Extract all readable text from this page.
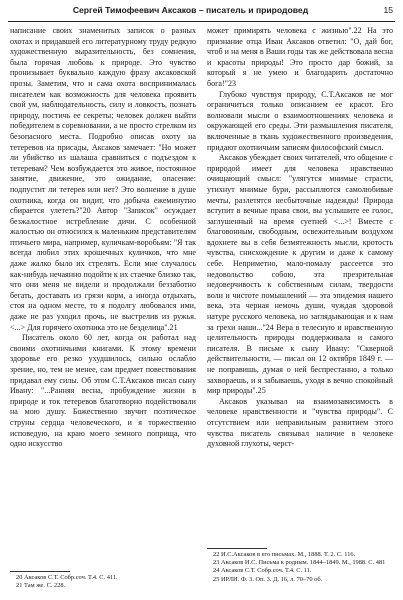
Сергей Тимофеевич Аксаков – писатель и природовед	15

написание своих знаменитых записок о разных охотах и придавшей его литературному труду редкую художественную выразительность, без сомнения, была горячая любовь к природе. Это чувство пронизывает буквально каждую фразу аксаковской прозы. Заметим, что и сама охота воспринималась писателем как возможность для человека проявить свой ум, наблюдательность, силу и ловкость, познать природу, постичь ее секреты; человек должен выйти победителем в соревновании, а не просто стрелком из безопасного места. Подробно описав охоту на тетеревов на присады, Аксаков замечает: "Но может ли убийство из шалаша сравниться с подъездом к тетеревам? Чем возбуждается это живое, постоянное занятие, движение, это ожидание, опасение: подпустит ли тетерев или нет? Это волнение в душе охотника, когда он видит, что добыча ежеминутно сбирается улететь?"20 Автор "Записок" осуждает безжалостное истребление дичи. С особенной жалостью он относился к маленьким представителям птичьего мира, например, куличкам-воробьям: "Я так всегда любил этих крошечных куличков, что мне даже жалко было их стрелять. Если мне случалось как-нибудь нечаянно подойти к их стаечке близко так, что они меня не видели и продолжали беззаботно бегать, доставать из грязи корм, а иногда отдыхать, стоя на одном месте, то я подолгу любовался ими, даже не раз уходил прочь, не выстрелив из ружья. <...> Для горячего охотника это не безделица".21

Писатель около 60 лет, когда он работал над своими охотничьими книгами. К этому времени здоровье его резко ухудшилось, сильно ослабло зрение, но, тем не менее, сам предмет повествования придавал ему силы. Об этом С.Т.Аксаков писал сыну Ивану: "...Ранняя весна, пробуждение жизни в природе и ток тетеревов благотворно подействовали на мою душу. Божественно звучит поэтическое струны сердца человеческого, и я торжественно исповедую, на краю моего земного поприща, что одно искусство

может примирять человека с жизнью".22 На это признание отца Иван Аксаков ответил: "О, дай бог, чтоб и на меня в Ваши годы так же действовала весна и красоты природы! Это просто дар божий, за который я не умею и благодарить достаточно бога!"23

Глубоко чувствуя природу, С.Т.Аксаков не мог ограничиться только описанием ее красот. Его волновали мысли о взаимоотношениях человека и окружающей его среды. Эти размышления писателя, включенные в ткань художественного произведения, придают охотничьим записям философский смысл.

Аксаков убеждает своих читателей, что общение с природой имеет для человека нравственно очищающий смысл: "улягутся мнимые страсти, утихнут мнимые бури, рассыплются самолюбивые мечты, разлетятся несбыточные надежды! Природа вступит в вечные права свои, вы услышите ее голос, заглушенный на время суетней <...>! Вместе с благовонным, свободным, освежительным воздухом вдохнете вы в себя безмятежность мысли, кротость чувства, снисхождение к другим и даже к самому себе. Неприметно, мало-помалу рассеется это недовольство собою, эта презрительная недоверчивость к собственным силам, твердости воли и чистоте помышлений — эта эпидемия нашего века, эта черная немочь души, чуждая здоровой натуре русского человека, но заглядывающая и к нам за грехи наши..."24 Вера в телесную и нравственную целительность природы поддерживала и самого писателя. В письме к сыну Ивану: "Скверной действительности, — писал он 12 октября 1849 г. — не поправишь, думая о ней беспрестанно, а только захвораешь, и я забываешь, уходя в вечно спокойный мир природы".25

Аксаков указывал на взаимозависимость в человеке нравственности и "чувства природы". С отсутствием или неправильным развитием этого чувства писатель связывал наличие в человеке духовной глухоты, черст-

20 Аксаков С.Т. Собр.соч. Т.4. С. 411.
21 Там же. С. 228.
22 И.С.Аксаков в его письмах. М., 1888. Т. 2. С. 116.
23 Аксаков И.С. Письма к родным. 1844–1849. М., 1988. С. 481
24 Аксаков С.Т. Собр.соч. Т.4. С. 11.
25 ИРЛИ. Ф. 3. Оп. 3. Д. 16, л. 70–70 об.
